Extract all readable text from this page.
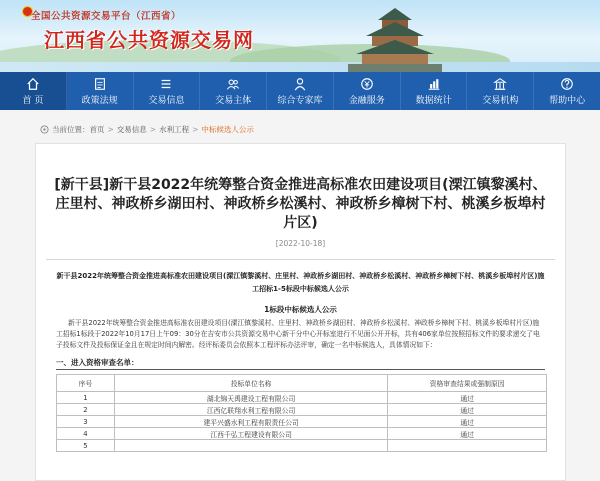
全国公共资源交易平台（江西省）
江西省公共资源交易网
首 页	政策法规	交易信息	交易主体	综合专家库	金融服务	数据统计	交易机构	帮助中心
当前位置： 首页 > 交易信息 > 水利工程 > 中标候选人公示
[新干县]新干县2022年统筹整合资金推进高标准农田建设项目(溧江镇黎溪村、庄里村、神政桥乡湖田村、神政桥乡松溪村、神政桥乡樟树下村、桃溪乡板埠村片区)
[2022-10-18]

新干县2022年统筹整合资金推进高标准农田建设项目(溧江镇黎溪村、庄里村、神政桥乡湖田村、神政桥乡松溪村、神政桥乡樟树下村、桃溪乡板埠村片区)施工招标1-5标段中标候选人公示

1标段中标候选人公示

新干县2022年统筹整合资金推进高标准农田建设项目(溧江镇黎溪村、庄里村、神政桥乡湖田村、神政桥乡松溪村、神政桥乡樟树下村、桃溪乡板埠村片区)施工招标1标段于2022年10月17日上午09：30分在吉安市公共资源交易中心新干分中心开标室进行不见面公开开标，共有406家单位按照招标文件的要求递交了电子投标文件及投标保证金且在规定时间内解密。经评标委员会依照本工程评标办法评审，确定一名中标候选人，具体情况如下：

一、进入资格审查名单：

序号	投标单位名称	资格审查结果或强制原因
1	湖北锦天禹建设工程有限公司	通过
2	江西亿联翔水利工程有限公司	通过
3	建平兴盛水利工程有限责任公司	通过
4	江西千弘工程建设有限公司	通过
5		
